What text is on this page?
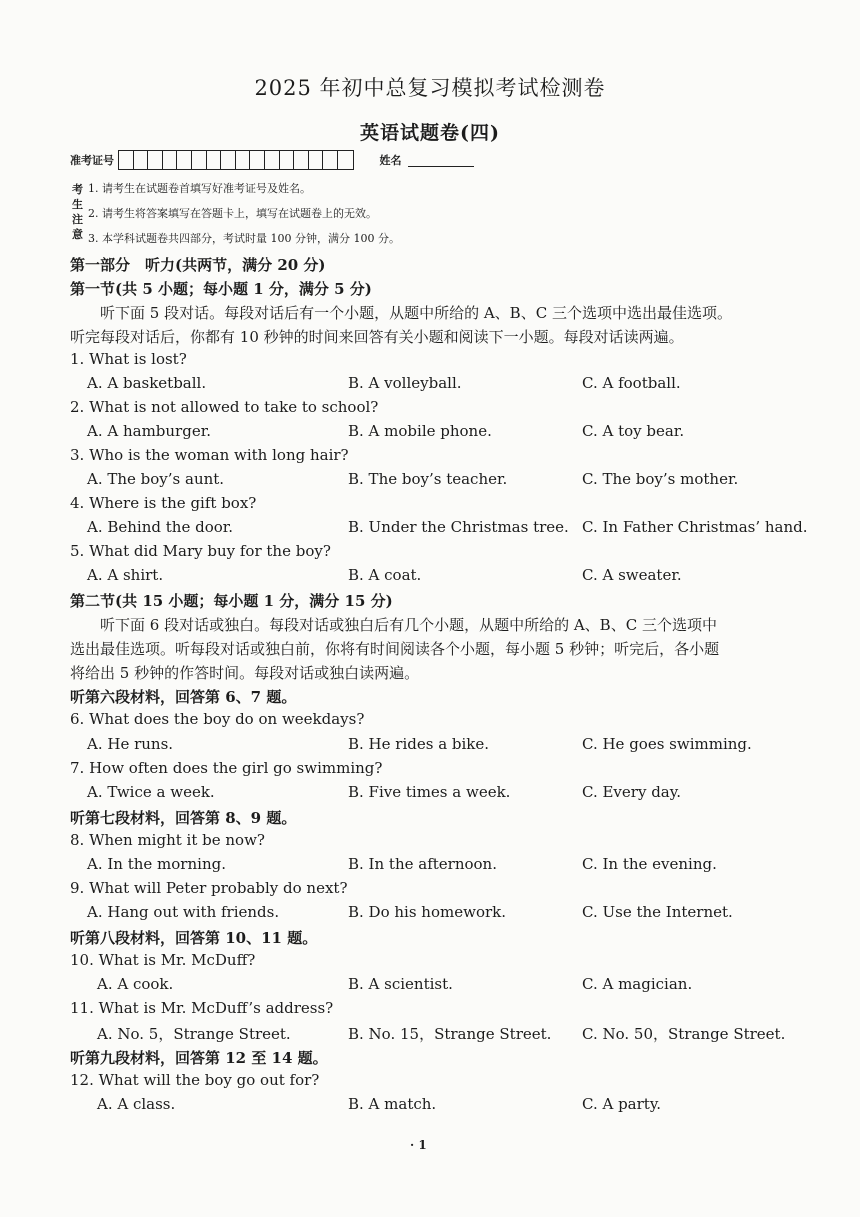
2025 年初中总复习模拟考试检测卷
英语试题卷(四)
准考证号	姓名
考生注意
1. 请考生在试题卷首填写好准考证号及姓名。
2. 请考生将答案填写在答题卡上，填写在试题卷上的无效。
3. 本学科试题卷共四部分，考试时量 100 分钟，满分 100 分。
第一部分　听力(共两节，满分 20 分)
第一节(共 5 小题；每小题 1 分，满分 5 分)
　　听下面 5 段对话。每段对话后有一个小题，从题中所给的 A、B、C 三个选项中选出最佳选项。
听完每段对话后，你都有 10 秒钟的时间来回答有关小题和阅读下一小题。每段对话读两遍。
1. What is lost?
A. A basketball.	B. A volleyball.	C. A football.
2. What is not allowed to take to school?
A. A hamburger.	B. A mobile phone.	C. A toy bear.
3. Who is the woman with long hair?
A. The boy’s aunt.	B. The boy’s teacher.	C. The boy’s mother.
4. Where is the gift box?
A. Behind the door.	B. Under the Christmas tree. C. In Father Christmas’ hand.
5. What did Mary buy for the boy?
A. A shirt.	B. A coat.	C. A sweater.
第二节(共 15 小题；每小题 1 分，满分 15 分)
　　听下面 6 段对话或独白。每段对话或独白后有几个小题，从题中所给的 A、B、C 三个选项中
选出最佳选项。听每段对话或独白前，你将有时间阅读各个小题，每小题 5 秒钟；听完后，各小题
将给出 5 秒钟的作答时间。每段对话或独白读两遍。
听第六段材料，回答第 6、7 题。
6. What does the boy do on weekdays?
A. He runs.	B. He rides a bike.	C. He goes swimming.
7. How often does the girl go swimming?
A. Twice a week.	B. Five times a week.	C. Every day.
听第七段材料，回答第 8、9 题。
8. When might it be now?
A. In the morning.	B. In the afternoon.	C. In the evening.
9. What will Peter probably do next?
A. Hang out with friends.	B. Do his homework.	C. Use the Internet.
听第八段材料，回答第 10、11 题。
10. What is Mr. McDuff?
A. A cook.	B. A scientist.	C. A magician.
11. What is Mr. McDuff’s address?
A. No. 5，Strange Street.	B. No. 15，Strange Street. C. No. 50，Strange Street.
听第九段材料，回答第 12 至 14 题。
12. What will the boy go out for?
A. A class.	B. A match.	C. A party.
· 1
